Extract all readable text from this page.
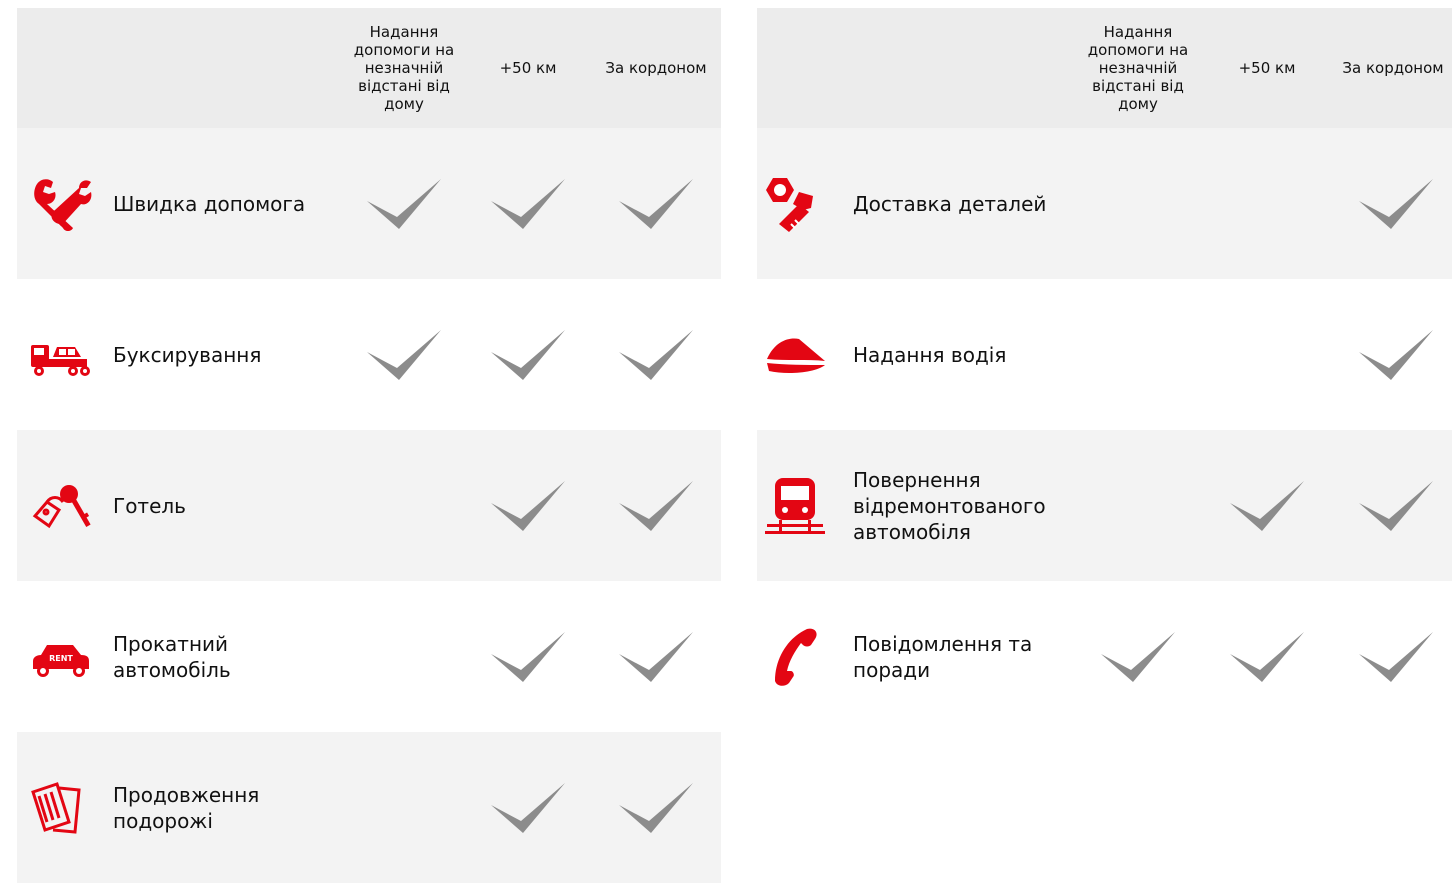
Надання допомоги на незначній відстані від дому
+50 км	За кордоном
Швидка допомога
Буксирування
Готель
RENT
Прокатний автомобіль
Продовження подорожі
Надання допомоги на незначній відстані від дому
+50 км	За кордоном
Доставка деталей
Надання водія
Повернення відремонтованого автомобіля
Повідомлення та поради
